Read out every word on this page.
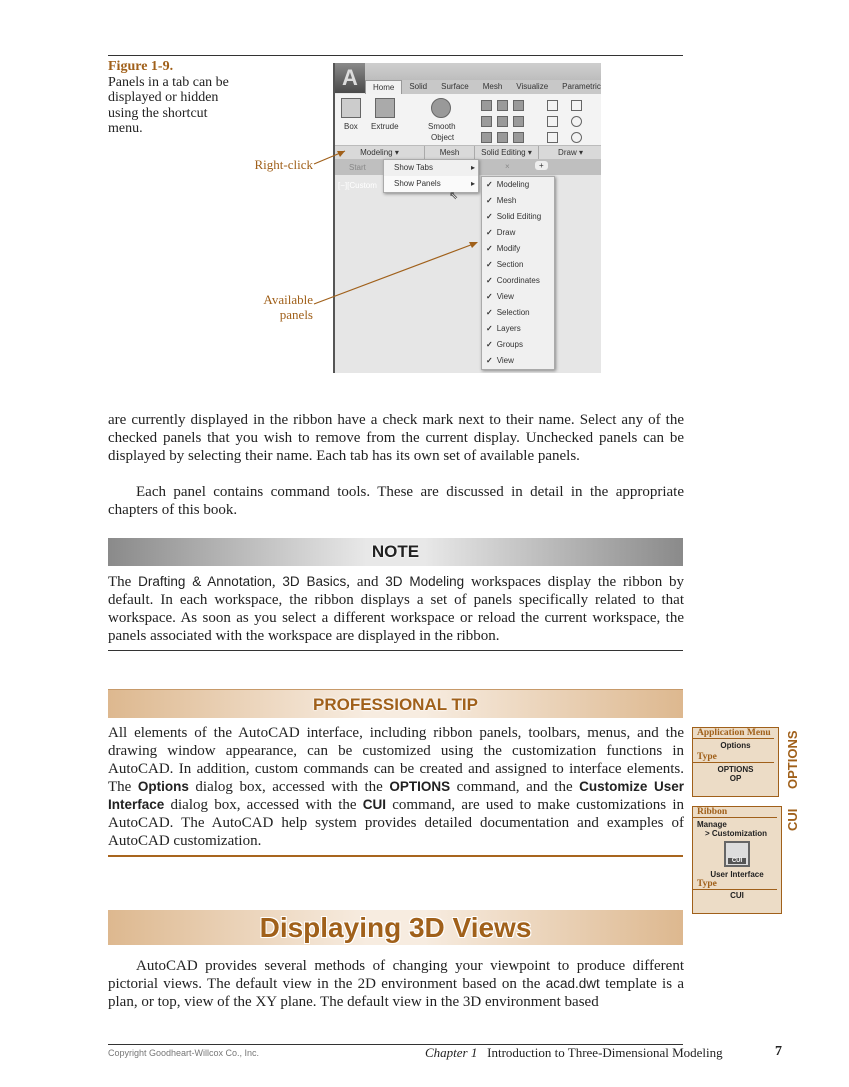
Figure 1-9.
Panels in a tab can be displayed or hidden using the shortcut menu.
Right-click
Available
panels
A	Home	Solid	Surface	Mesh	Visualize	Parametric
Box Extrude	Smooth
Object
Modeling ▾	Mesh	Solid Editing ▾	Draw ▾
Start	×	+
[−][Custom
Show Tabs	▸
Show Panels	▸
⇖
✓ Modeling
✓ Mesh
✓ Solid Editing
✓ Draw
✓ Modify
✓ Section
✓ Coordinates
✓ View
✓ Selection
✓ Layers
✓ Groups
✓ View

are currently displayed in the ribbon have a check mark next to their name. Select any of the checked panels that you wish to remove from the current display. Unchecked panels can be displayed by selecting their name. Each tab has its own set of available panels.

Each panel contains command tools. These are discussed in detail in the appropriate chapters of this book.

NOTE

The Drafting & Annotation, 3D Basics, and 3D Modeling workspaces display the ribbon by default. In each workspace, the ribbon displays a set of panels specifically related to that workspace. As soon as you select a different workspace or reload the current workspace, the panels associated with the workspace are displayed in the ribbon.

PROFESSIONAL TIP

All elements of the AutoCAD interface, including ribbon panels, toolbars, menus, and the drawing window appearance, can be customized using the customization functions in AutoCAD. In addition, custom commands can be created and assigned to interface elements. The Options dialog box, accessed with the OPTIONS command, and the Customize User Interface dialog box, accessed with the CUI command, are used to make customizations in AutoCAD. The AutoCAD help system provides detailed documentation and examples of AutoCAD customization.

Application Menu
Options
Type
OPTIONS
OP	OPTIONS
Ribbon
Manage
> Customization
CUI
User Interface
Type
CUI
CUI
Displaying 3D Views

AutoCAD provides several methods of changing your viewpoint to produce different pictorial views. The default view in the 2D environment based on the acad.dwt template is a plan, or top, view of the XY plane. The default view in the 3D environment based

Copyright Goodheart-Willcox Co., Inc.	Chapter 1 Introduction to Three-Dimensional Modeling	7
